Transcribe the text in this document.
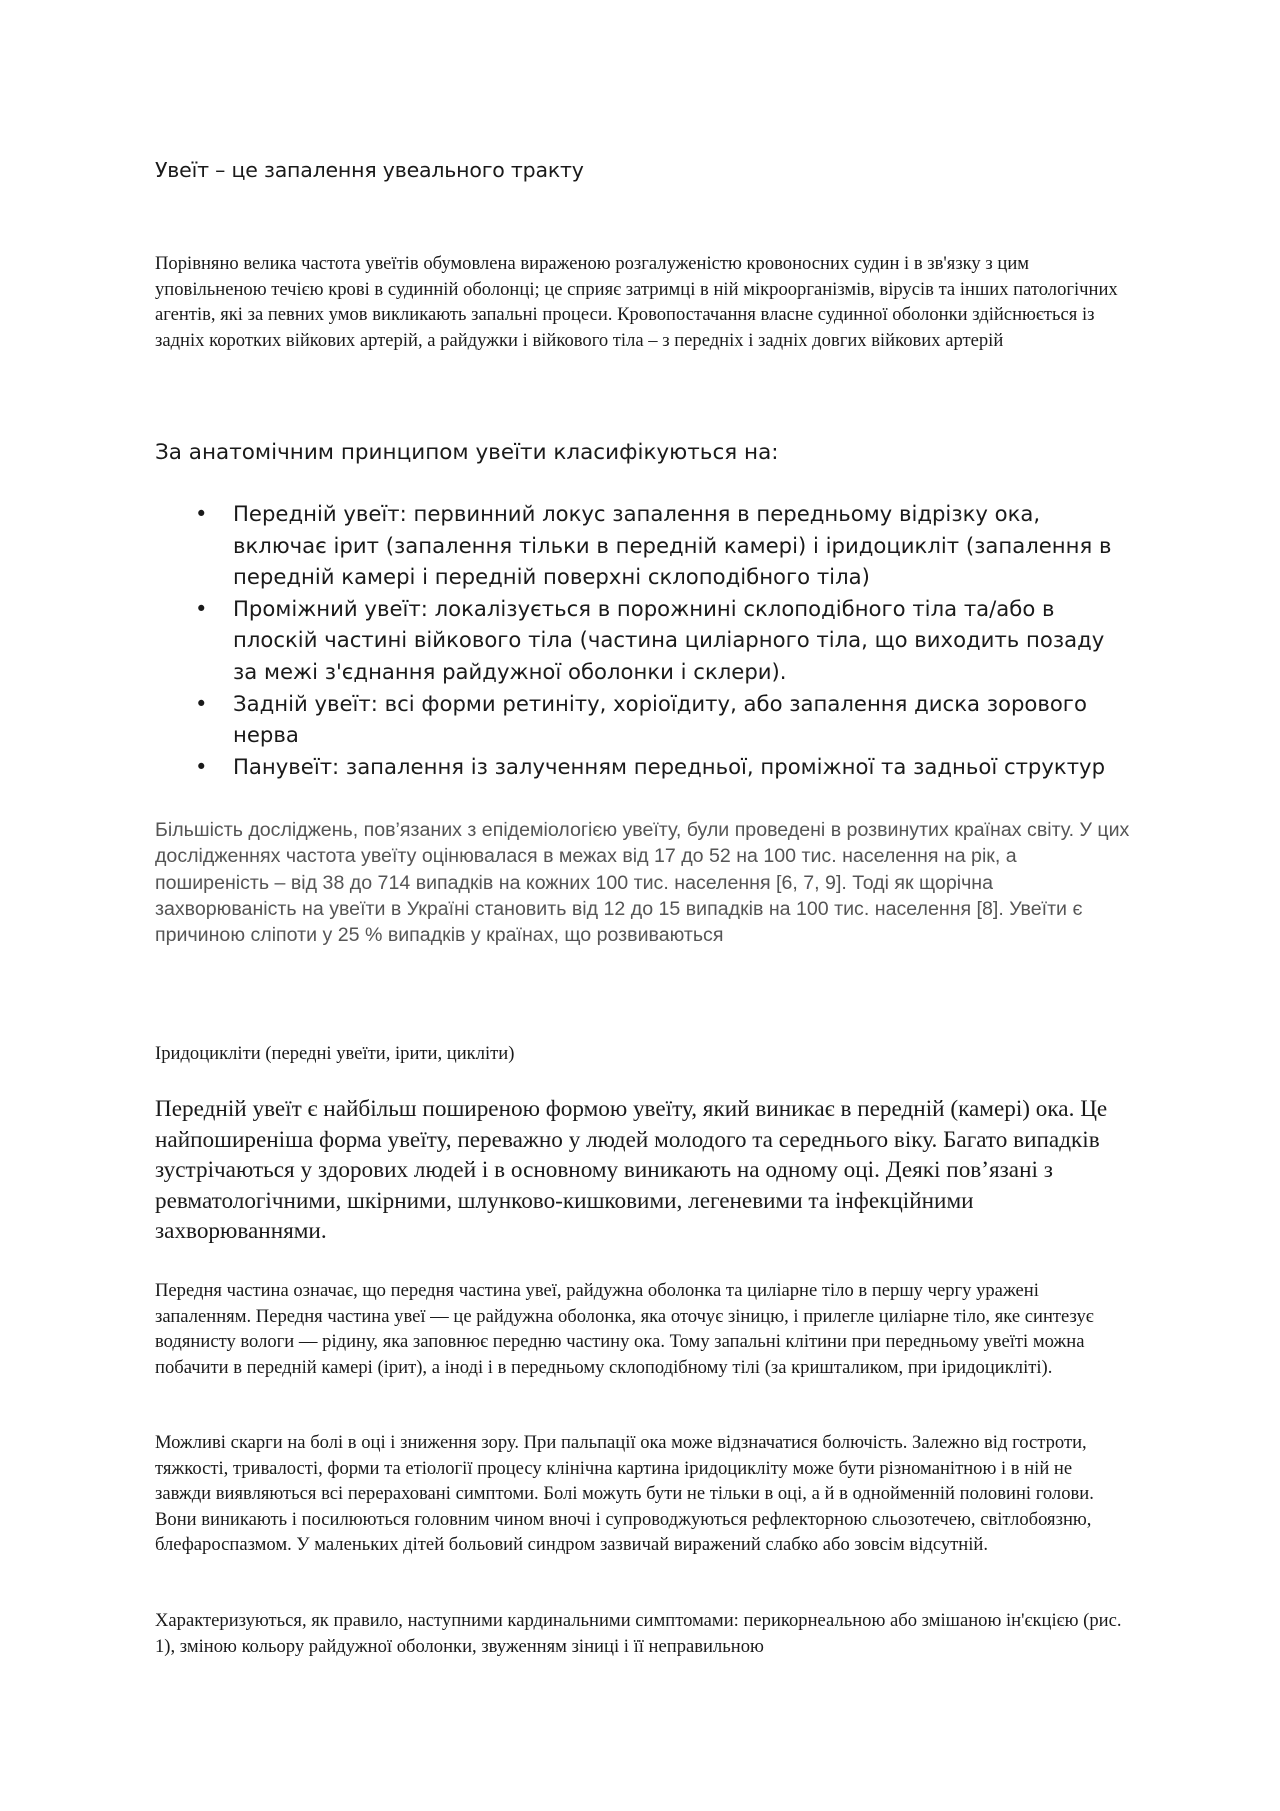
Увеїт – це запалення увеального тракту

Порівняно велика частота увеїтів обумовлена вираженою розгалуженістю кровоносних судин і в зв'язку з цим уповільненою течією крові в судинній оболонці; це сприяє затримці в ній мікроорганізмів, вірусів та інших патологічних агентів, які за певних умов викликають запальні процеси. Кровопостачання власне судинної оболонки здійснюється із задніх коротких війкових артерій, а райдужки і війкового тіла – з передніх і задніх довгих війкових артерій

За анатомічним принципом увеїти класифікуються на:
• Передній увеїт: первинний локус запалення в передньому відрізку ока, включає ірит (запалення тільки в передній камері) і іридоцикліт (запалення в передній камері і передній поверхні склоподібного тіла)
• Проміжний увеїт: локалізується в порожнині склоподібного тіла та/або в плоскій частині війкового тіла (частина циліарного тіла, що виходить позаду за межі з'єднання райдужної оболонки і склери).
• Задній увеїт: всі форми ретиніту, хоріоїдиту, або запалення диска зорового нерва
• Панувеїт: запалення із залученням передньої, проміжної та задньої структур

Більшість досліджень, пов’язаних з епідеміологією увеїту, були проведені в розвинутих країнах світу. У цих дослідженнях частота увеїту оцінювалася в межах від 17 до 52 на 100 тис. населення на рік, а поширеність – від 38 до 714 випадків на кожних 100 тис. населення [6, 7, 9]. Тоді як щорічна захворюваність на увеїти в Україні становить від 12 до 15 випадків на 100 тис. населення [8]. Увеїти є причиною сліпоти у 25 % випадків у країнах, що розвиваються

Іридоцикліти (передні увеїти, ірити, цикліти)

Передній увеїт є найбільш поширеною формою увеїту, який виникає в передній (камері) ока. Це найпоширеніша форма увеїту, переважно у людей молодого та середнього віку. Багато випадків зустрічаються у здорових людей і в основному виникають на одному оці. Деякі пов’язані з ревматологічними, шкірними, шлунково-кишковими, легеневими та інфекційними захворюваннями.

Передня частина означає, що передня частина увеї, райдужна оболонка та циліарне тіло в першу чергу уражені запаленням. Передня частина увеї — це райдужна оболонка, яка оточує зіницю, і прилегле циліарне тіло, яке синтезує водянисту вологи — рідину, яка заповнює передню частину ока. Тому запальні клітини при передньому увеїті можна побачити в передній камері (ірит), а іноді і в передньому склоподібному тілі (за кришталиком, при іридоцикліті).

Можливі скарги на болі в оці і зниження зору. При пальпації ока може відзначатися болючість. Залежно від гостроти, тяжкості, тривалості, форми та етіології процесу клінічна картина іридоцикліту може бути різноманітною і в ній не завжди виявляються всі перераховані симптоми. Болі можуть бути не тільки в оці, а й в однойменній половині голови. Вони виникають і посилюються головним чином вночі і супроводжуються рефлекторною сльозотечею, світлобоязню, блефароспазмом. У маленьких дітей больовий синдром зазвичай виражений слабко або зовсім відсутній.

Характеризуються, як правило, наступними кардинальними симптомами: перикорнеальною або змішаною ін'єкцією (рис. 1), зміною кольору райдужної оболонки, звуженням зіниці і її неправильною
